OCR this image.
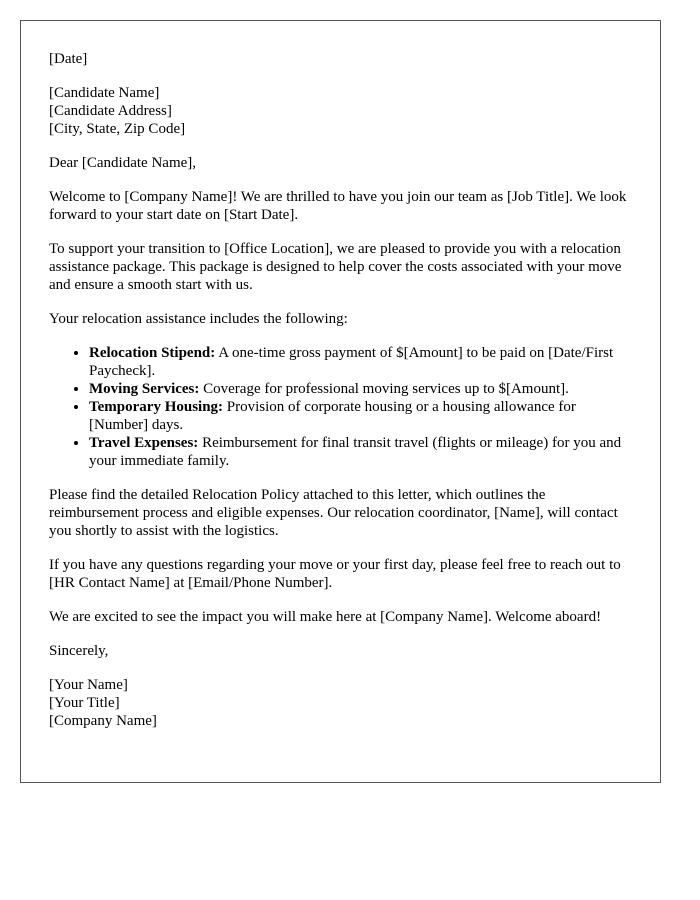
[Date]

[Candidate Name]
[Candidate Address]
[City, State, Zip Code]

Dear [Candidate Name],

Welcome to [Company Name]! We are thrilled to have you join our team as [Job Title]. We look forward to your start date on [Start Date].

To support your transition to [Office Location], we are pleased to provide you with a relocation assistance package. This package is designed to help cover the costs associated with your move and ensure a smooth start with us.

Your relocation assistance includes the following:

• Relocation Stipend: A one-time gross payment of $[Amount] to be paid on [Date/First Paycheck].
• Moving Services: Coverage for professional moving services up to $[Amount].
• Temporary Housing: Provision of corporate housing or a housing allowance for [Number] days.
• Travel Expenses: Reimbursement for final transit travel (flights or mileage) for you and your immediate family.

Please find the detailed Relocation Policy attached to this letter, which outlines the reimbursement process and eligible expenses. Our relocation coordinator, [Name], will contact you shortly to assist with the logistics.

If you have any questions regarding your move or your first day, please feel free to reach out to [HR Contact Name] at [Email/Phone Number].

We are excited to see the impact you will make here at [Company Name]. Welcome aboard!

Sincerely,

[Your Name]
[Your Title]
[Company Name]
